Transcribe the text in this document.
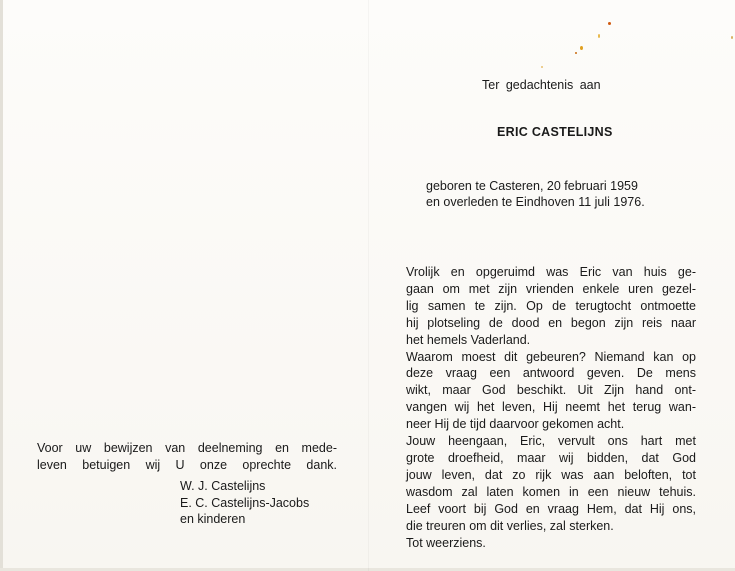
Ter gedachtenis aan
ERIC CASTELIJNS
geboren te Casteren, 20 februari 1959
en overleden te Eindhoven 11 juli 1976.
Vrolijk en opgeruimd was Eric van huis ge-
gaan om met zijn vrienden enkele uren gezel-
lig samen te zijn. Op de terugtocht ontmoette
hij plotseling de dood en begon zijn reis naar
het hemels Vaderland.
Waarom moest dit gebeuren? Niemand kan op
deze vraag een antwoord geven. De mens
wikt, maar God beschikt. Uit Zijn hand ont-
vangen wij het leven, Hij neemt het terug wan-
neer Hij de tijd daarvoor gekomen acht.
Jouw heengaan, Eric, vervult ons hart met
grote droefheid, maar wij bidden, dat God
jouw leven, dat zo rijk was aan beloften, tot
wasdom zal laten komen in een nieuw tehuis.
Leef voort bij God en vraag Hem, dat Hij ons,
die treuren om dit verlies, zal sterken.
Tot weerziens.
Voor uw bewijzen van deelneming en mede-
leven betuigen wij U onze oprechte dank.
W. J. Castelijns
E. C. Castelijns-Jacobs
en kinderen
